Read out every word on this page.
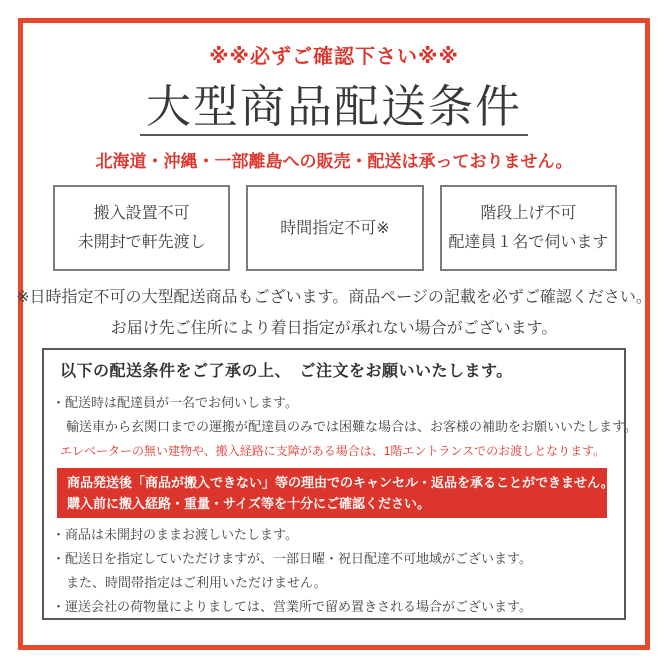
※※必ずご確認下さい※※
大型商品配送条件
北海道・沖縄・一部離島への販売・配送は承っておりません。
搬入設置不可
未開封で軒先渡し
時間指定不可※
階段上げ不可
配達員１名で伺います
※日時指定不可の大型配送商品もございます。商品ページの記載を必ずご確認ください。
お届け先ご住所により着日指定が承れない場合がございます。
以下の配送条件をご了承の上、　ご注文をお願いいたします。
・配送時は配達員が一名でお伺いします。
輸送車から玄関口までの運搬が配達員のみでは困難な場合は、お客様の補助をお願いいたします。
エレベーターの無い建物や、搬入経路に支障がある場合は、1階エントランスでのお渡しとなります。
商品発送後「商品が搬入できない」等の理由でのキャンセル・返品を承ることができません。
購入前に搬入経路・重量・サイズ等を十分にご確認ください。
・商品は未開封のままお渡しいたします。
・配送日を指定していただけますが、一部日曜・祝日配達不可地域がございます。
また、時間帯指定はご利用いただけません。
・運送会社の荷物量によりましては、営業所で留め置きされる場合がございます。
